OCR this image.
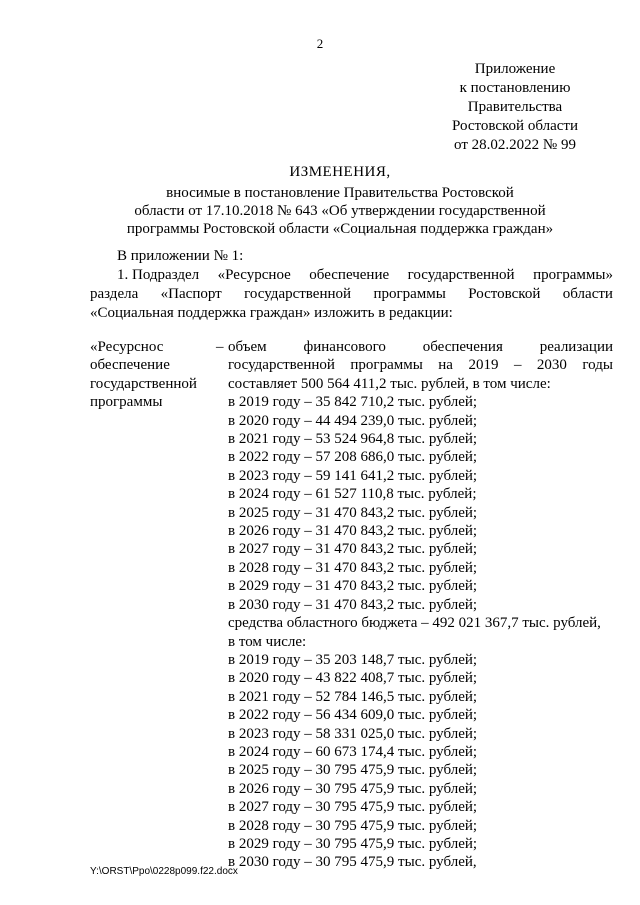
2
Приложение
к постановлению
Правительства
Ростовской области
от 28.02.2022 № 99
ИЗМЕНЕНИЯ,
вносимые в постановление Правительства Ростовской
области от 17.10.2018 № 643 «Об утверждении государственной
программы Ростовской области «Социальная поддержка граждан»
В приложении № 1:
1. Подраздел «Ресурсное обеспечение государственной программы»
раздела «Паспорт государственной программы Ростовской области
«Социальная поддержка граждан» изложить в редакции:
«Ресурснос
обеспечение
государственной
программы
– объем финансового обеспечения реализации
государственной программы на 2019 – 2030 годы
составляет 500 564 411,2 тыс. рублей, в том числе:
в 2019 году – 35 842 710,2 тыс. рублей;
в 2020 году – 44 494 239,0 тыс. рублей;
в 2021 году – 53 524 964,8 тыс. рублей;
в 2022 году – 57 208 686,0 тыс. рублей;
в 2023 году – 59 141 641,2 тыс. рублей;
в 2024 году – 61 527 110,8 тыс. рублей;
в 2025 году – 31 470 843,2 тыс. рублей;
в 2026 году – 31 470 843,2 тыс. рублей;
в 2027 году – 31 470 843,2 тыс. рублей;
в 2028 году – 31 470 843,2 тыс. рублей;
в 2029 году – 31 470 843,2 тыс. рублей;
в 2030 году – 31 470 843,2 тыс. рублей;
средства областного бюджета – 492 021 367,7 тыс. рублей,
в том числе:
в 2019 году – 35 203 148,7 тыс. рублей;
в 2020 году – 43 822 408,7 тыс. рублей;
в 2021 году – 52 784 146,5 тыс. рублей;
в 2022 году – 56 434 609,0 тыс. рублей;
в 2023 году – 58 331 025,0 тыс. рублей;
в 2024 году – 60 673 174,4 тыс. рублей;
в 2025 году – 30 795 475,9 тыс. рублей;
в 2026 году – 30 795 475,9 тыс. рублей;
в 2027 году – 30 795 475,9 тыс. рублей;
в 2028 году – 30 795 475,9 тыс. рублей;
в 2029 году – 30 795 475,9 тыс. рублей;
в 2030 году – 30 795 475,9 тыс. рублей,
Y:\ORST\Ppo\0228p099.f22.docx
